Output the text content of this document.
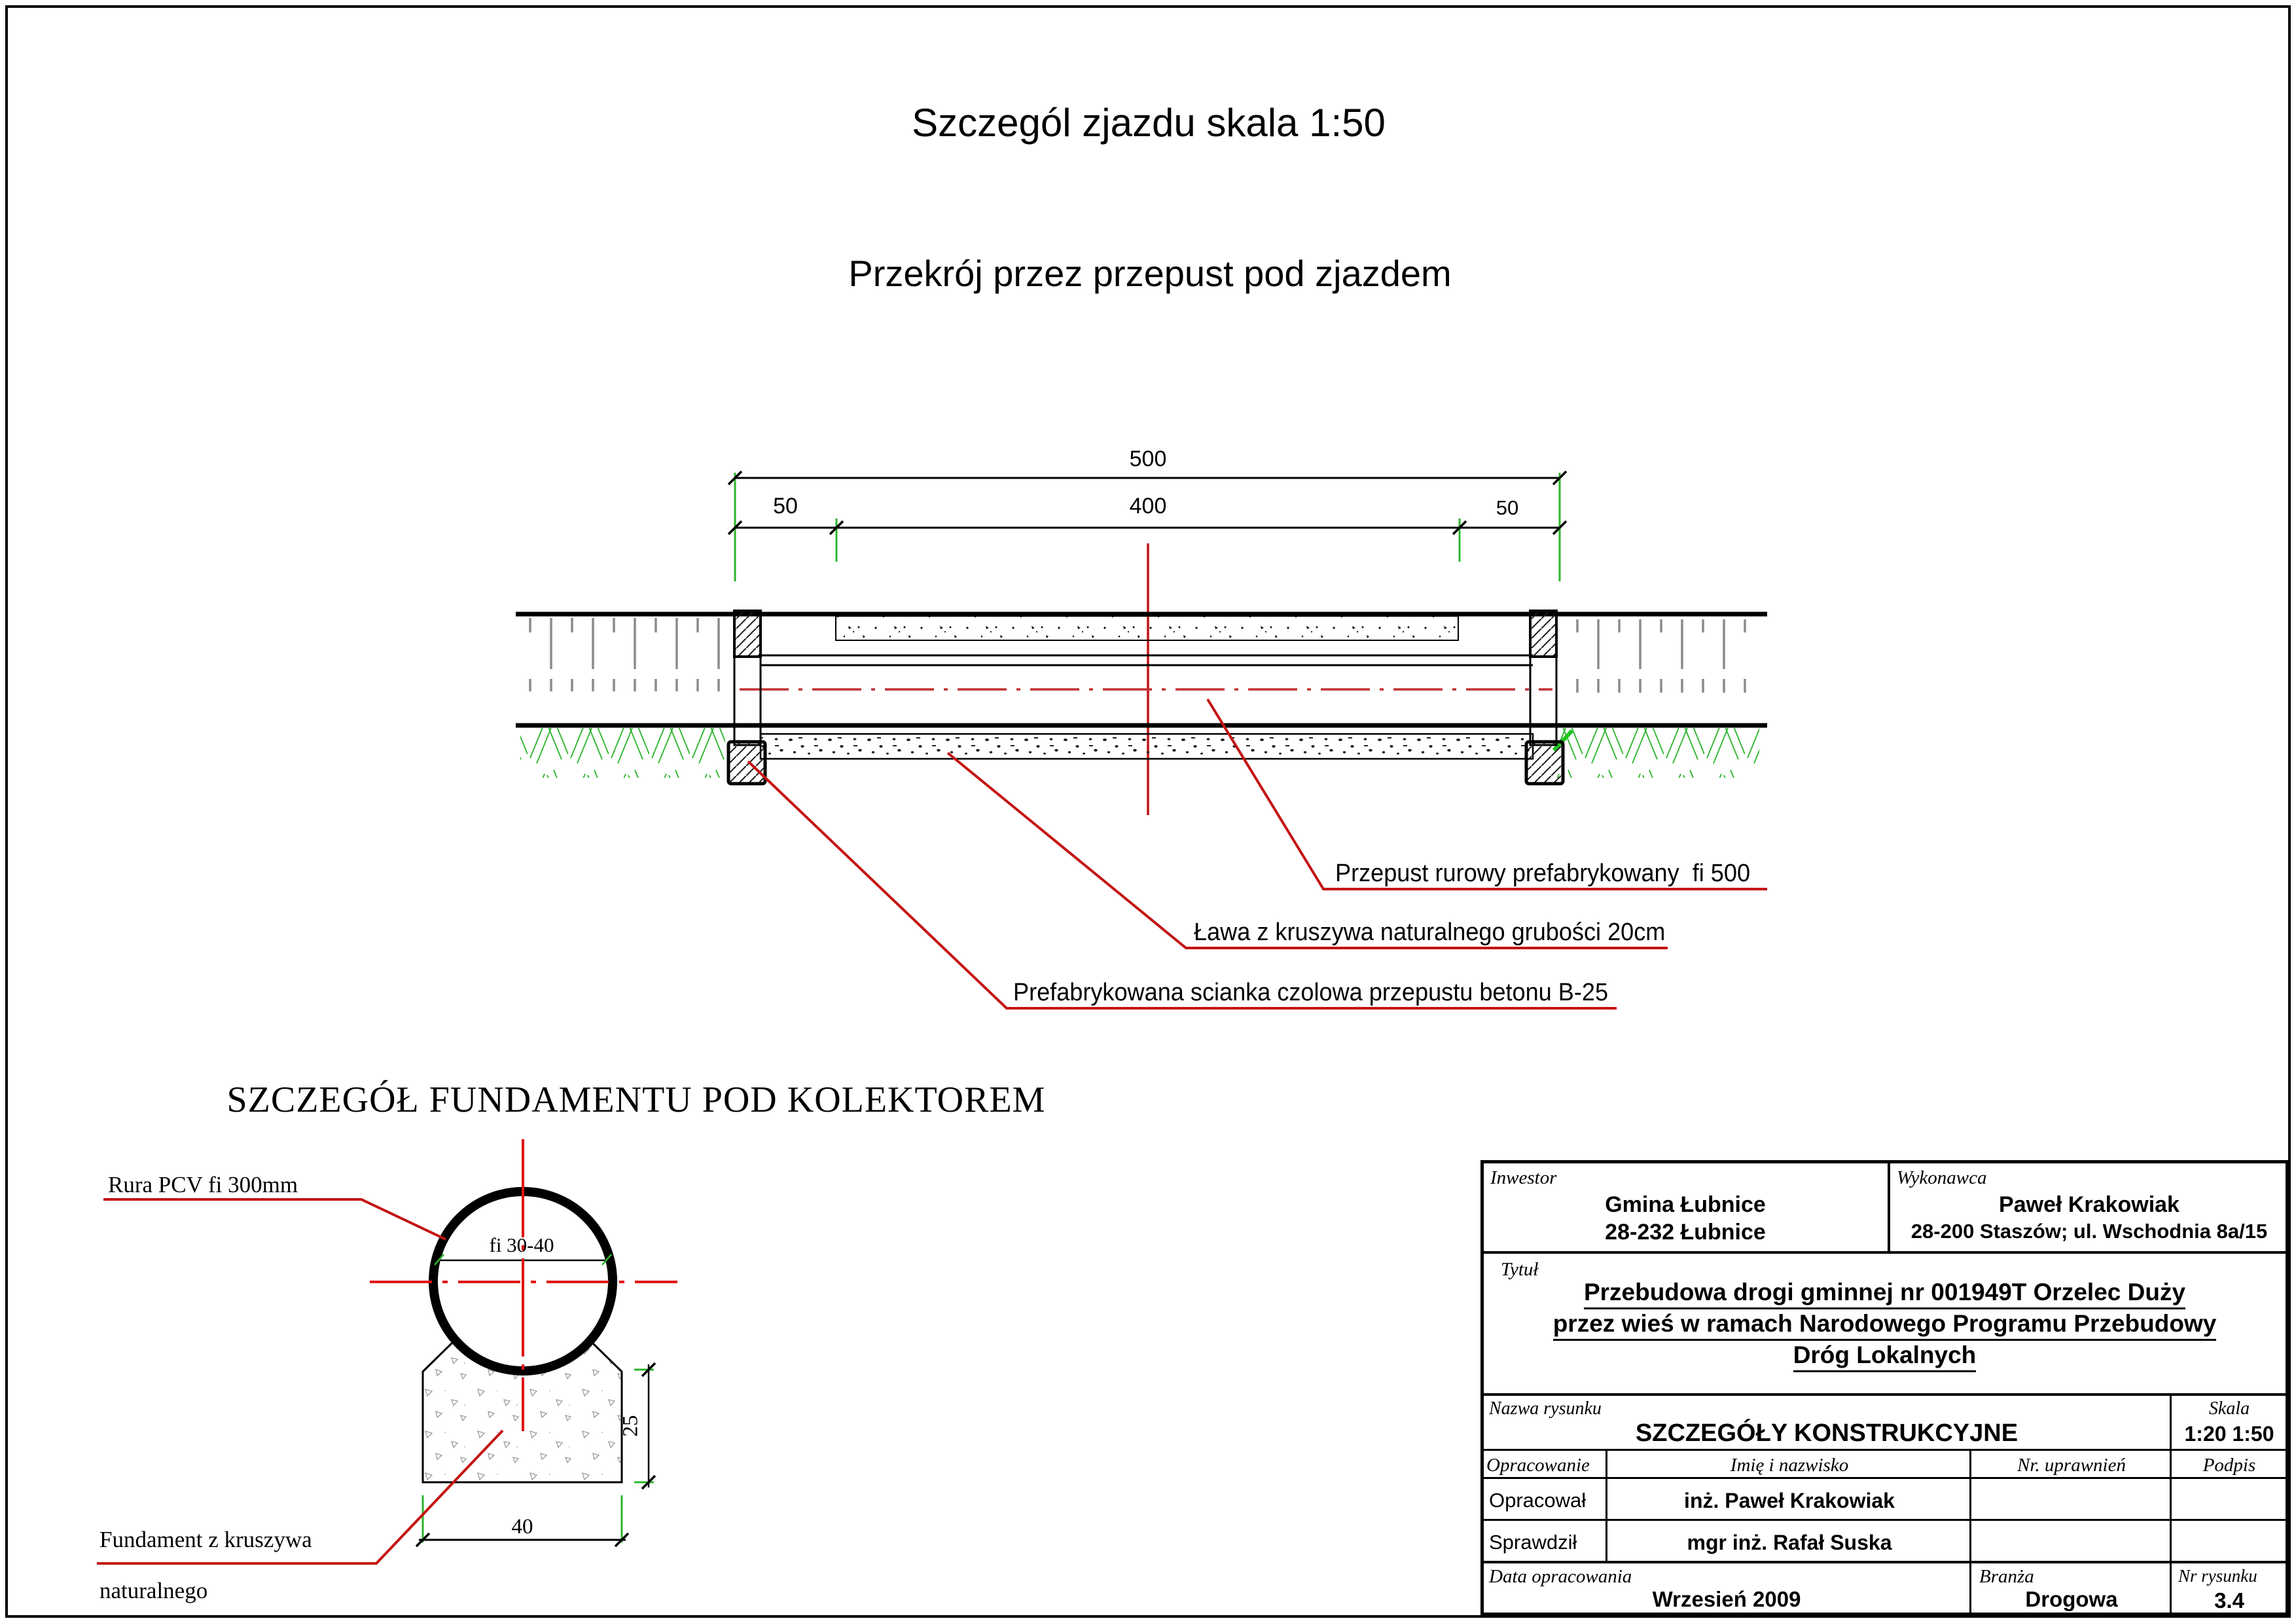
Szczegól zjazdu skala 1:50
Przekrój przez przepust pod zjazdem
500
50	400	50
Przepust rurowy prefabrykowany  fi 500
Ława z kruszywa naturalnego grubości 20cm
Prefabrykowana scianka czolowa przepustu betonu B-25
SZCZEGÓŁ FUNDAMENTU POD KOLEKTOREM
Rura PCV fi 300mm
fi 30-40
Fundament z kruszywa
naturalnego
25
40
Inwestor
Gmina Łubnice
28-232 Łubnice
Wykonawca
Paweł Krakowiak
28-200 Staszów; ul. Wschodnia 8a/15
Tytuł
Przebudowa drogi gminnej nr 001949T Orzelec Duży
przez wieś w ramach Narodowego Programu Przebudowy
Dróg Lokalnych
Nazwa rysunku
SZCZEGÓŁY KONSTRUKCYJNE
Skala
1:20 1:50
Opracowanie	Imię i nazwisko	Nr. uprawnień	Podpis
Opracował	inż. Paweł Krakowiak
Sprawdził	mgr inż. Rafał Suska
Data opracowania
Wrzesień 2009
Branża
Drogowa
Nr rysunku
3.4
